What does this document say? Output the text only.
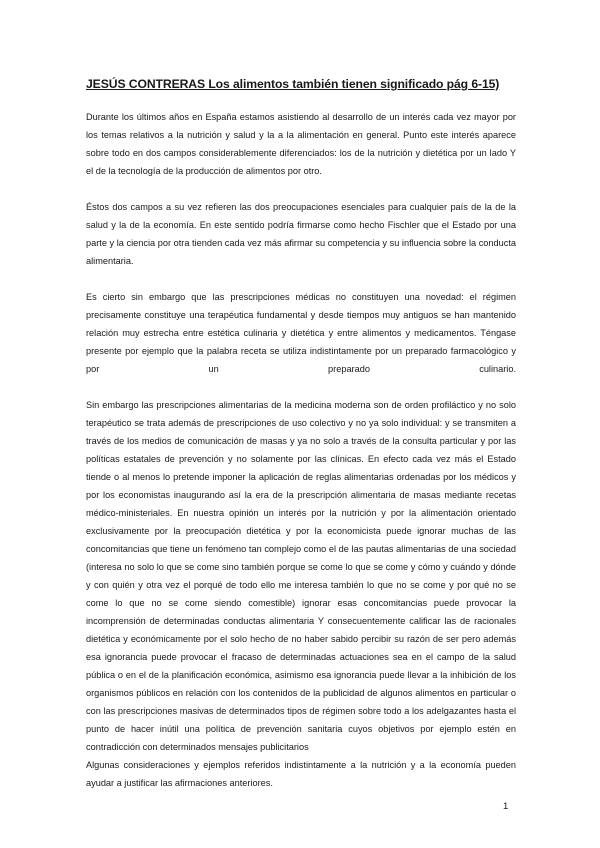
JESÚS CONTRERAS Los alimentos también tienen significado pág 6-15)

Durante los últimos años en España estamos asistiendo al desarrollo de un interés cada vez mayor por los temas relativos a la nutrición y salud y la a la alimentación en general. Punto este interés aparece sobre todo en dos campos considerablemente diferenciados: los de la nutrición y dietética por un lado Y el de la tecnología de la producción de alimentos por otro.

Éstos dos campos a su vez refieren las dos preocupaciones esenciales para cualquier país de la de la salud y la de la economía. En este sentido podría firmarse como hecho Fischler que el Estado por una parte y la ciencia por otra tienden cada vez más afirmar su competencia y su influencia sobre la conducta alimentaria.

Es cierto sin embargo que las prescripciones médicas no constituyen una novedad: el régimen precisamente constituye una terapéutica fundamental y desde tiempos muy antiguos se han mantenido relación muy estrecha entre estética culinaria y dietética y entre alimentos y medicamentos. Téngase presente por ejemplo que la palabra receta se utiliza indistintamente por un preparado farmacológico y por un preparado culinario.

Sin embargo las prescripciones alimentarias de la medicina moderna son de orden profiláctico y no solo terapéutico se trata además de prescripciones de uso colectivo y no ya solo individual: y se transmiten a través de los medios de comunicación de masas y ya no solo a través de la consulta particular y por las políticas estatales de prevención y no solamente por las clínicas. En efecto cada vez más el Estado tiende o al menos lo pretende imponer la aplicación de reglas alimentarias ordenadas por los médicos y por los economistas inaugurando así la era de la prescripción alimentaria de masas mediante recetas médico-ministeriales. En nuestra opinión un interés por la nutrición y por la alimentación orientado exclusivamente por la preocupación dietética y por la economicista puede ignorar muchas de las concomitancias que tiene un fenómeno tan complejo como el de las pautas alimentarias de una sociedad (interesa no solo lo que se come sino también porque se come lo que se come y cómo y cuándo y dónde y con quién y otra vez el porqué de todo ello me interesa también lo que no se come y por qué no se come lo que no se come siendo comestible) ignorar esas concomitancias puede provocar la incomprensión de determinadas conductas alimentaria Y consecuentemente calificar las de racionales dietética y económicamente por el solo hecho de no haber sabido percibir su razón de ser pero además esa ignorancia puede provocar el fracaso de determinadas actuaciones sea en el campo de la salud pública o en el de la planificación económica, asimismo esa ignorancia puede llevar a la inhibición de los organismos públicos en relación con los contenidos de la publicidad de algunos alimentos en particular o con las prescripciones masivas de determinados tipos de régimen sobre todo a los adelgazantes hasta el punto de hacer inútil una política de prevención sanitaria cuyos objetivos por ejemplo estén en contradicción con determinados mensajes publicitarios

Algunas consideraciones y ejemplos referidos indistintamente a la nutrición y a la economía pueden ayudar a justificar las afirmaciones anteriores.

1
